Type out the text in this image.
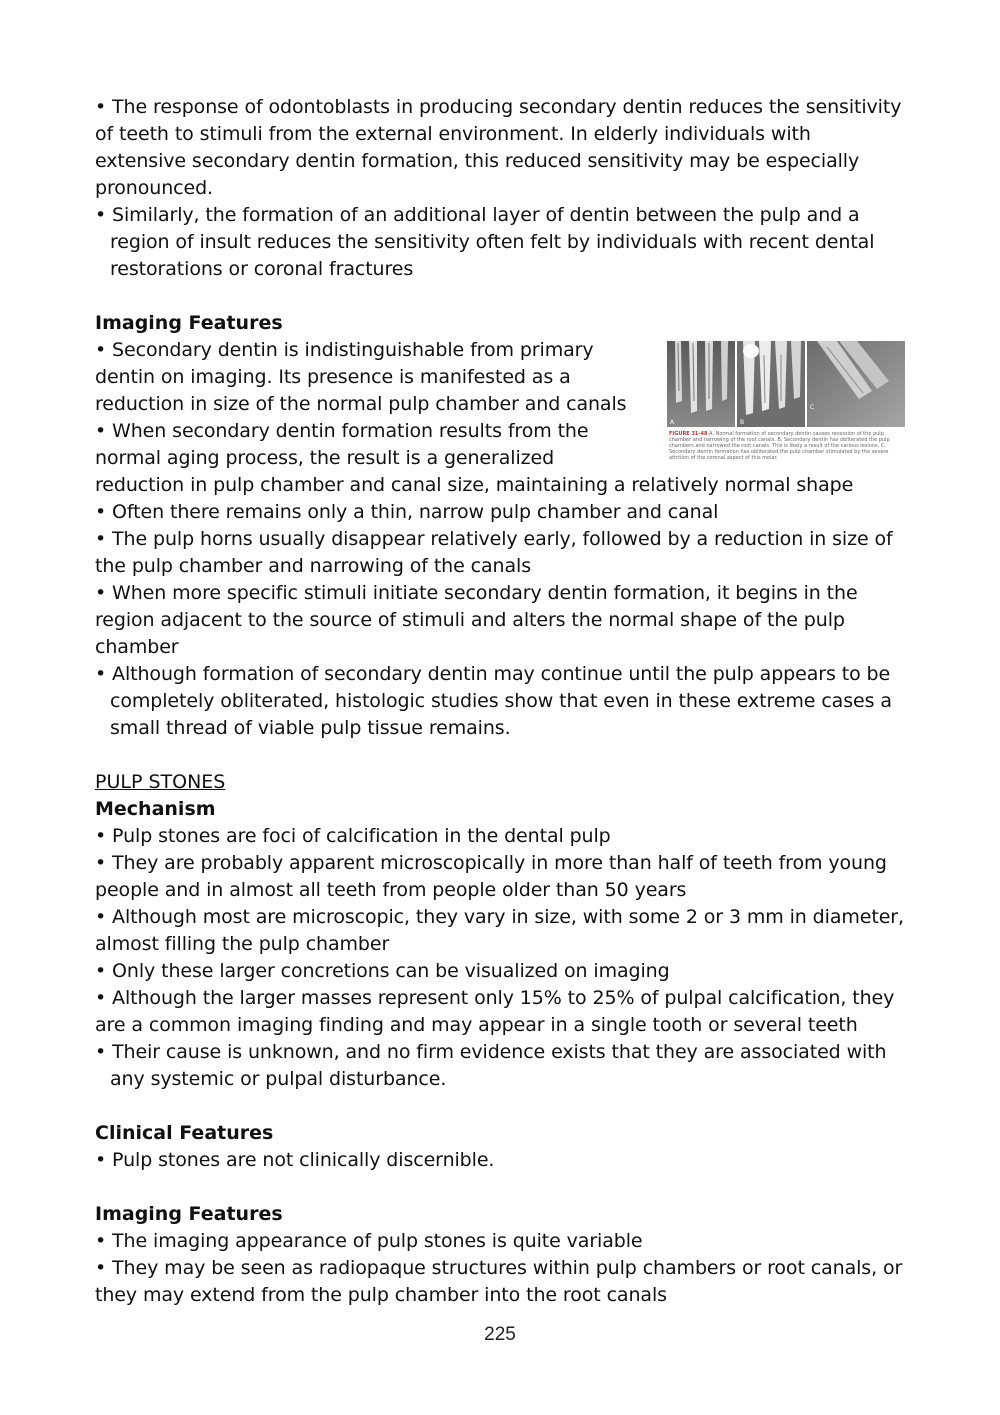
• The response of odontoblasts in producing secondary dentin reduces the sensitivity of teeth to stimuli from the external environment. In elderly individuals with extensive secondary dentin formation, this reduced sensitivity may be especially pronounced.

• Similarly, the formation of an additional layer of dentin between the pulp and a region of insult reduces the sensitivity often felt by individuals with recent dental restorations or coronal fractures

Imaging Features

A	B
C
FIGURE 31-48 A, Normal formation of secondary dentin causes recession of the pulp chamber and narrowing of the root canals. B, Secondary dentin has obliterated the pulp chambers and narrowed the root canals. This is likely a result of the carious lesions. C, Secondary dentin formation has obliterated the pulp chamber stimulated by the severe attrition of the coronal aspect of this molar.

• Secondary dentin is indistinguishable from primary dentin on imaging. Its presence is manifested as a reduction in size of the normal pulp chamber and canals

• When secondary dentin formation results from the normal aging process, the result is a generalized reduction in pulp chamber and canal size, maintaining a relatively normal shape

• Often there remains only a thin, narrow pulp chamber and canal

• The pulp horns usually disappear relatively early, followed by a reduction in size of the pulp chamber and narrowing of the canals

• When more specific stimuli initiate secondary dentin formation, it begins in the region adjacent to the source of stimuli and alters the normal shape of the pulp chamber

• Although formation of secondary dentin may continue until the pulp appears to be completely obliterated, histologic studies show that even in these extreme cases a small thread of viable pulp tissue remains.

PULP STONES

Mechanism

• Pulp stones are foci of calcification in the dental pulp

• They are probably apparent microscopically in more than half of teeth from young people and in almost all teeth from people older than 50 years

• Although most are microscopic, they vary in size, with some 2 or 3 mm in diameter, almost filling the pulp chamber

• Only these larger concretions can be visualized on imaging

• Although the larger masses represent only 15% to 25% of pulpal calcification, they are a common imaging finding and may appear in a single tooth or several teeth

• Their cause is unknown, and no firm evidence exists that they are associated with any systemic or pulpal disturbance.

Clinical Features

• Pulp stones are not clinically discernible.

Imaging Features

• The imaging appearance of pulp stones is quite variable

• They may be seen as radiopaque structures within pulp chambers or root canals, or they may extend from the pulp chamber into the root canals

225
